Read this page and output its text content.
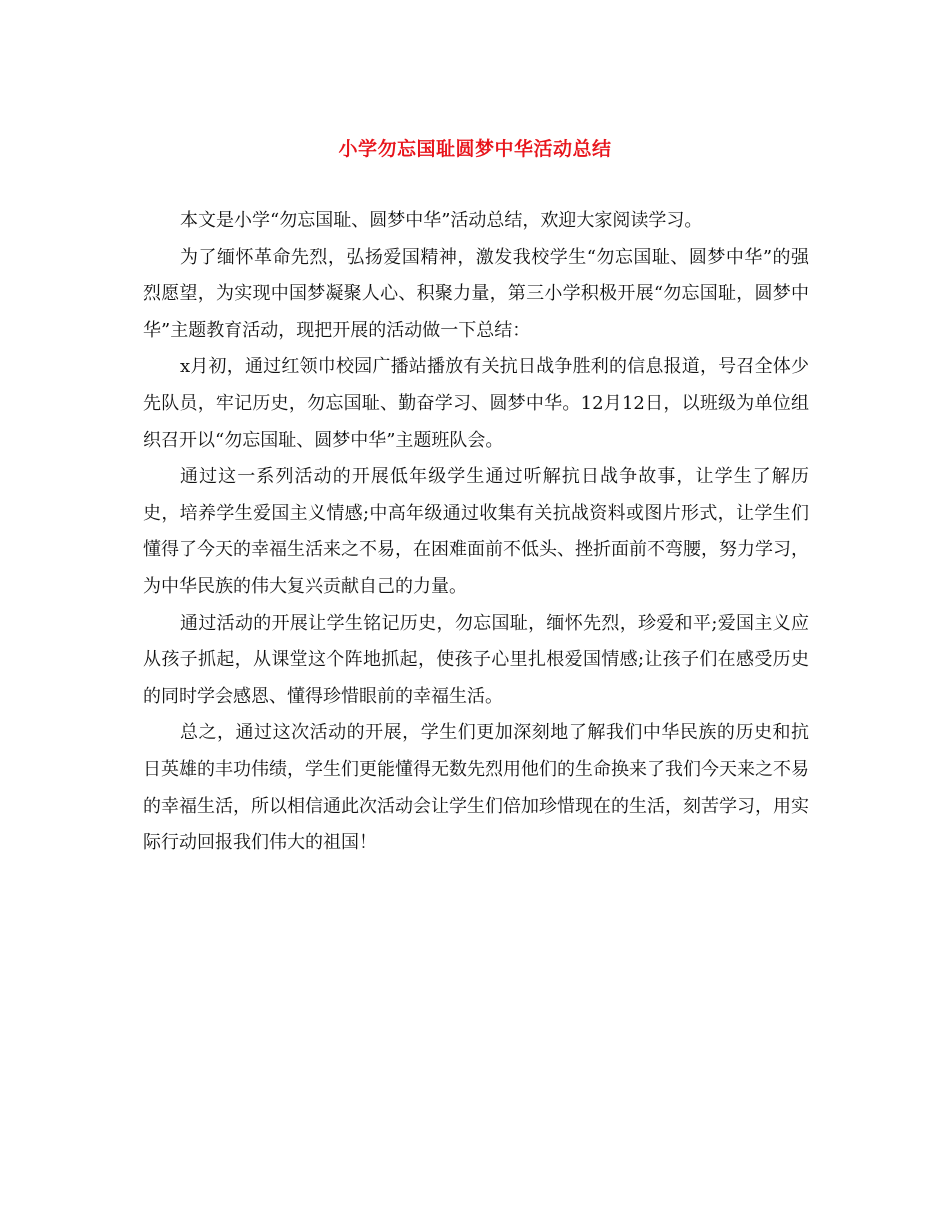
小学勿忘国耻圆梦中华活动总结

本文是小学“勿忘国耻、圆梦中华”活动总结，欢迎大家阅读学习。

为了缅怀革命先烈，弘扬爱国精神，激发我校学生“勿忘国耻、圆梦中华”的强烈愿望，为实现中国梦凝聚人心、积聚力量，第三小学积极开展“勿忘国耻，圆梦中华”主题教育活动，现把开展的活动做一下总结：

x月初，通过红领巾校园广播站播放有关抗日战争胜利的信息报道，号召全体少先队员，牢记历史，勿忘国耻、勤奋学习、圆梦中华。12月12日，以班级为单位组织召开以“勿忘国耻、圆梦中华”主题班队会。

通过这一系列活动的开展低年级学生通过听解抗日战争故事，让学生了解历史，培养学生爱国主义情感;中高年级通过收集有关抗战资料或图片形式，让学生们懂得了今天的幸福生活来之不易，在困难面前不低头、挫折面前不弯腰，努力学习，为中华民族的伟大复兴贡献自己的力量。

通过活动的开展让学生铭记历史，勿忘国耻，缅怀先烈，珍爱和平;爱国主义应从孩子抓起，从课堂这个阵地抓起，使孩子心里扎根爱国情感;让孩子们在感受历史的同时学会感恩、懂得珍惜眼前的幸福生活。

总之，通过这次活动的开展，学生们更加深刻地了解我们中华民族的历史和抗日英雄的丰功伟绩，学生们更能懂得无数先烈用他们的生命换来了我们今天来之不易的幸福生活，所以相信通此次活动会让学生们倍加珍惜现在的生活，刻苦学习，用实际行动回报我们伟大的祖国！
